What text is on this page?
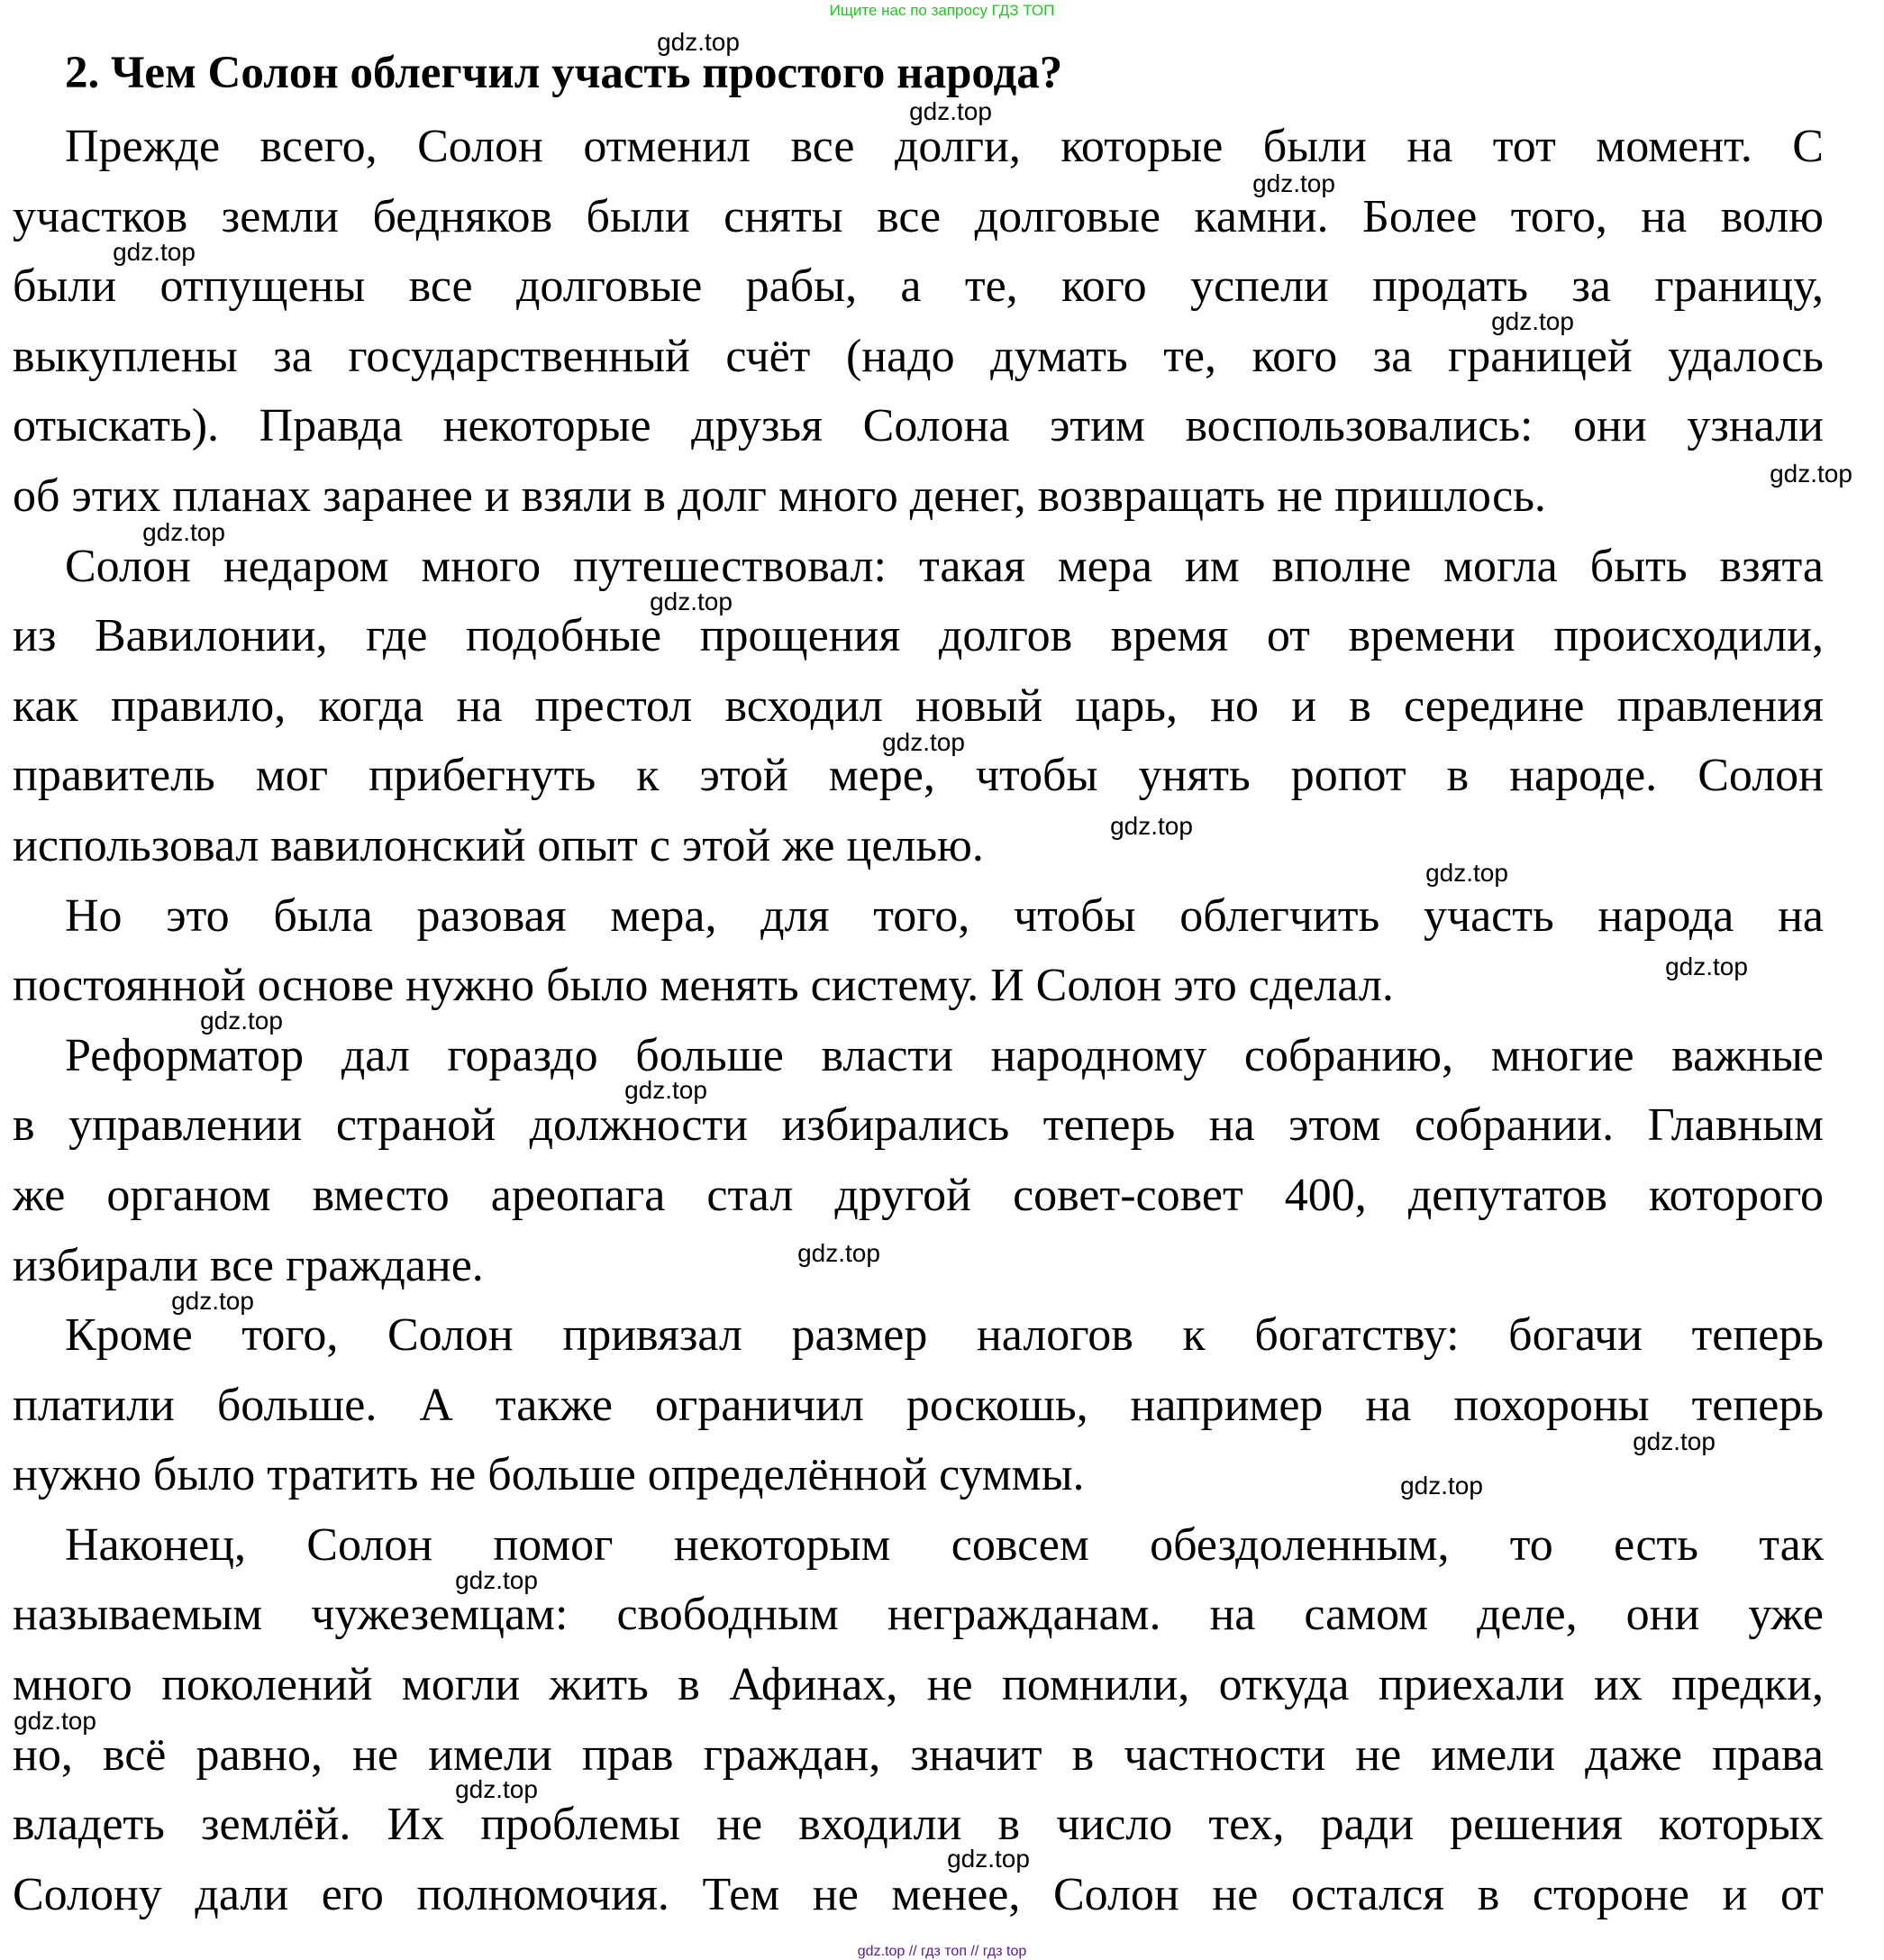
Ищите нас по запросу ГДЗ ТОП
2. Чем Солон облегчил участь простого народа?
Прежде всего, Солон отменил все долги, которые были на тот момент. С
участков земли бедняков были сняты все долговые камни. Более того, на волю
были отпущены все долговые рабы, а те, кого успели продать за границу,
выкуплены за государственный счёт (надо думать те, кого за границей удалось
отыскать). Правда некоторые друзья Солона этим воспользовались: они узнали
об этих планах заранее и взяли в долг много денег, возвращать не пришлось.
Солон недаром много путешествовал: такая мера им вполне могла быть взята
из Вавилонии, где подобные прощения долгов время от времени происходили,
как правило, когда на престол всходил новый царь, но и в середине правления
правитель мог прибегнуть к этой мере, чтобы унять ропот в народе. Солон
использовал вавилонский опыт с этой же целью.
Но это была разовая мера, для того, чтобы облегчить участь народа на
постоянной основе нужно было менять систему. И Солон это сделал.
Реформатор дал гораздо больше власти народному собранию, многие важные
в управлении страной должности избирались теперь на этом собрании. Главным
же органом вместо ареопага стал другой совет-совет 400, депутатов которого
избирали все граждане.
Кроме того, Солон привязал размер налогов к богатству: богачи теперь
платили больше. А также ограничил роскошь, например на похороны теперь
нужно было тратить не больше определённой суммы.
Наконец, Солон помог некоторым совсем обездоленным, то есть так
называемым чужеземцам: свободным негражданам. на самом деле, они уже
много поколений могли жить в Афинах, не помнили, откуда приехали их предки,
но, всё равно, не имели прав граждан, значит в частности не имели даже права
владеть землёй. Их проблемы не входили в число тех, ради решения которых
Солону дали его полномочия. Тем не менее, Солон не остался в стороне и от
gdz.top
gdz.top
gdz.top
gdz.top
gdz.top
gdz.top
gdz.top
gdz.top
gdz.top
gdz.top
gdz.top
gdz.top
gdz.top
gdz.top
gdz.top
gdz.top
gdz.top
gdz.top
gdz.top
gdz.top
gdz.top
gdz.top
gdz.top // гдз топ // гдз top
